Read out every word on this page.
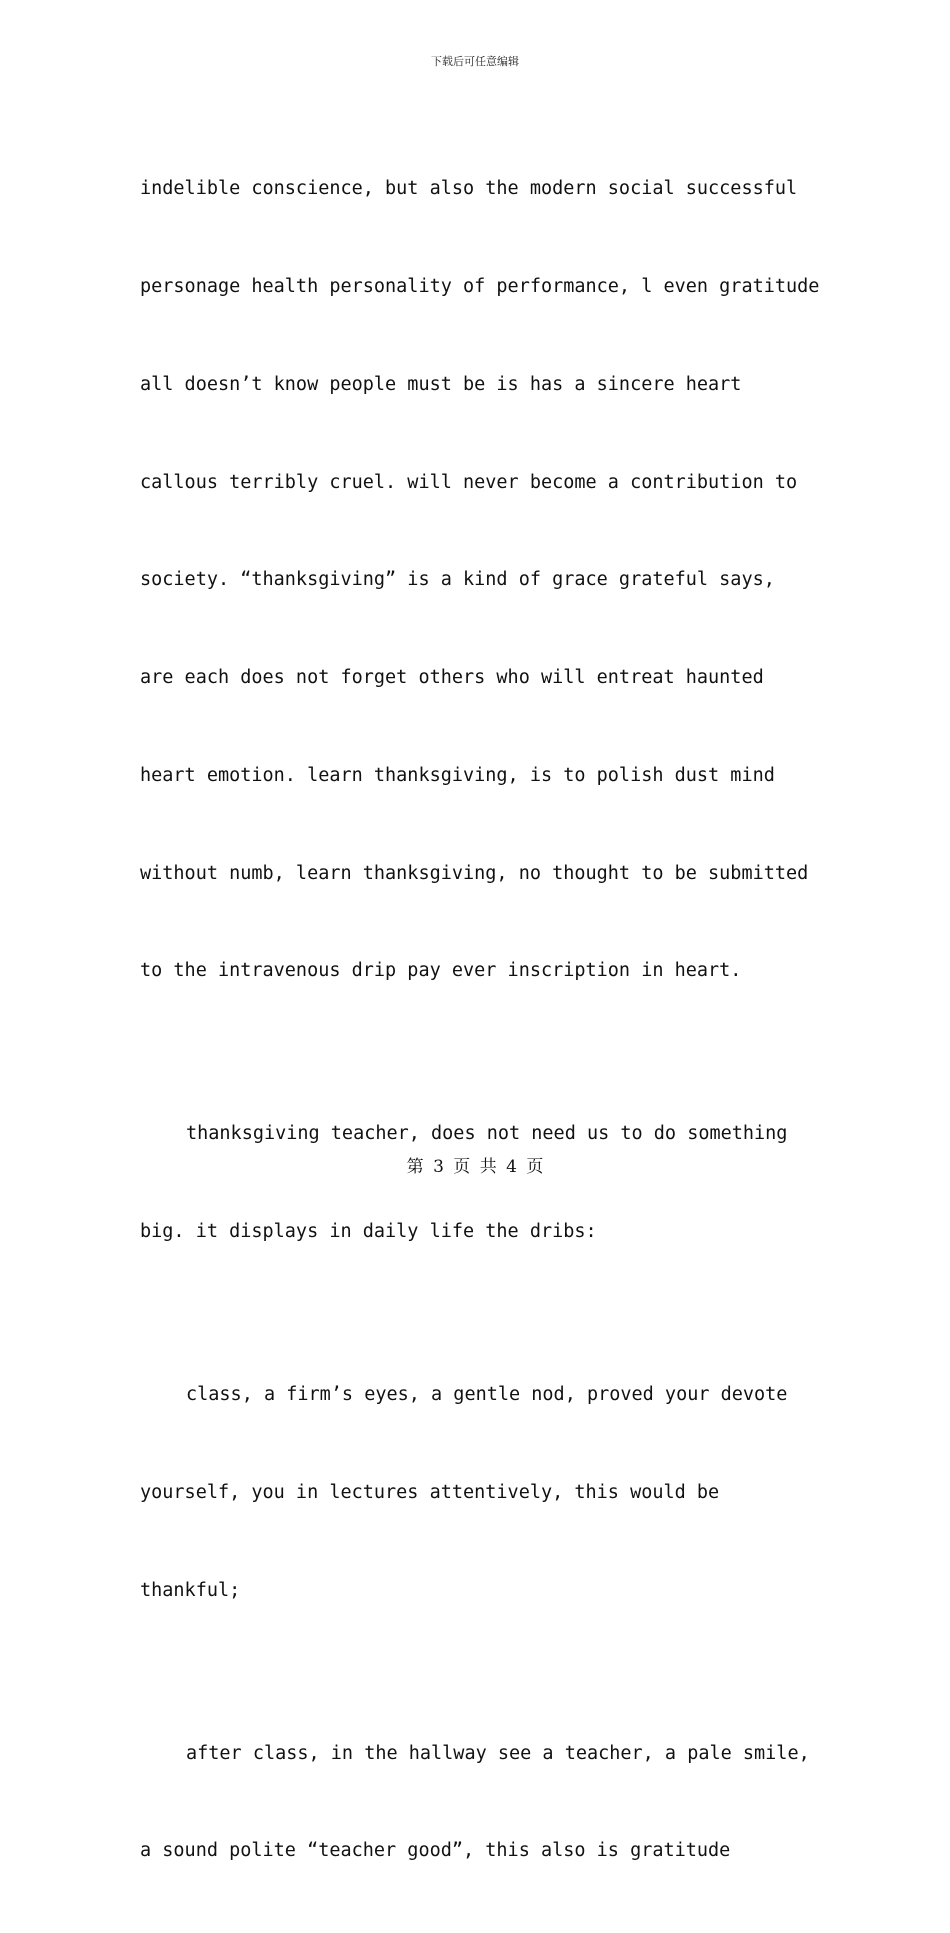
下载后可任意编辑

indelible conscience, but also the modern social successful

personage health personality of performance, l even gratitude

all doesn’t know people must be is has a sincere heart

callous terribly cruel. will never become a contribution to

society. “thanksgiving” is a kind of grace grateful says,

are each does not forget others who will entreat haunted

heart emotion. learn thanksgiving, is to polish dust mind

without numb, learn thanksgiving, no thought to be submitted

to the intravenous drip pay ever inscription in heart.

thanksgiving teacher, does not need us to do something

big. it displays in daily life the dribs:

class, a firm’s eyes, a gentle nod, proved your devote

yourself, you in lectures attentively, this would be

thankful;

after class, in the hallway see a teacher, a pale smile,

a sound polite “teacher good”, this also is gratitude

第 3 页 共 4 页
